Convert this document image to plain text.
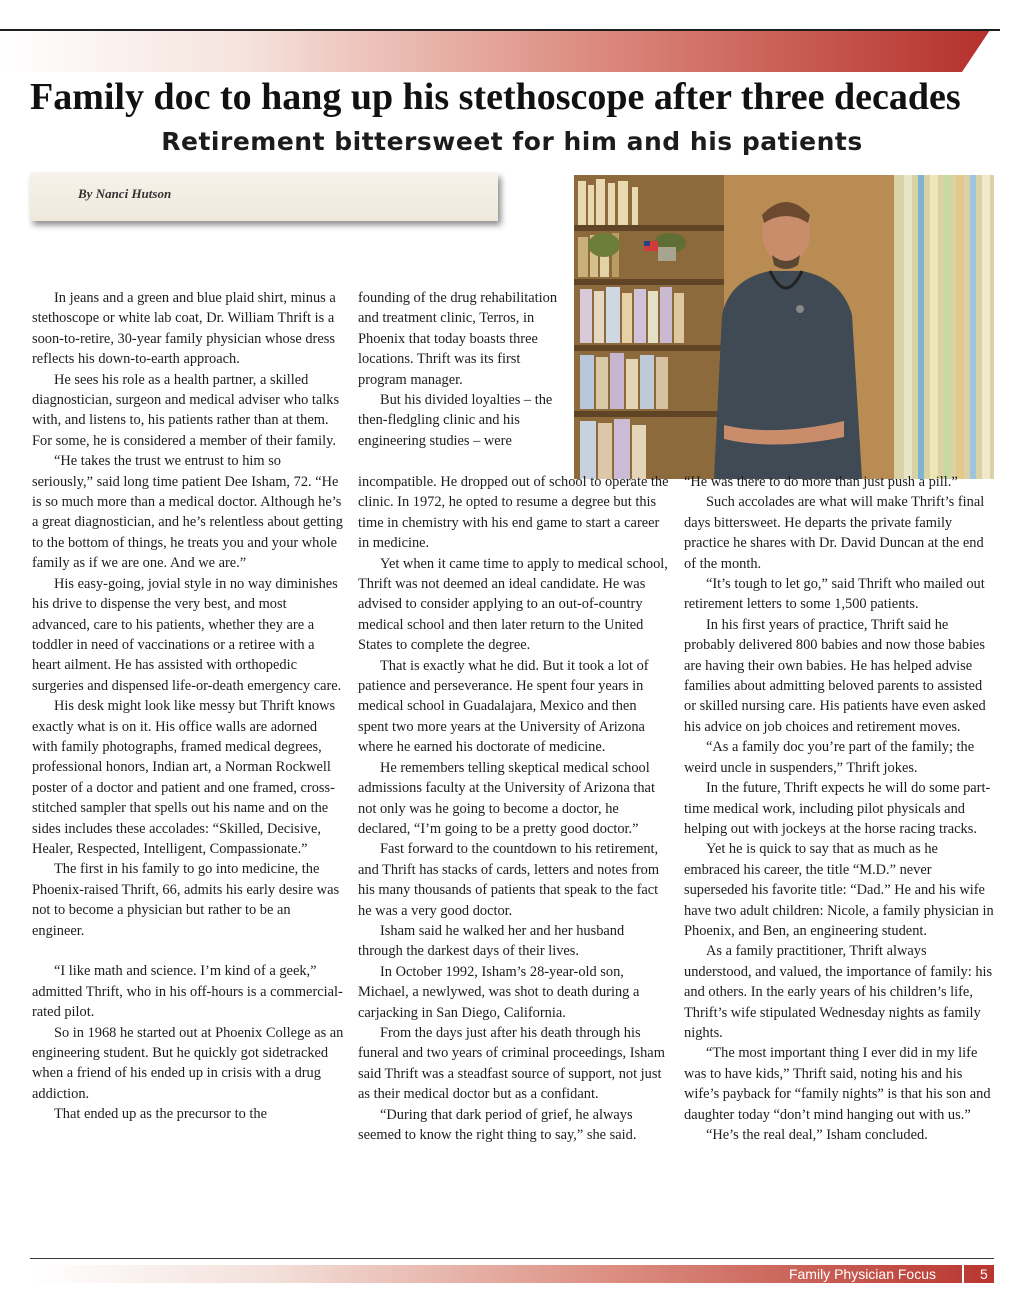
Family doc to hang up his stethoscope after three decades
Retirement bittersweet for him and his patients
By Nanci Hutson

In jeans and a green and blue plaid shirt, minus a stethoscope or white lab coat, Dr. William Thrift is a soon-to-retire, 30-year family physician whose dress reflects his down-to-earth approach.

He sees his role as a health partner, a skilled diagnostician, surgeon and medical adviser who talks with, and listens to, his patients rather than at them. For some, he is considered a member of their family.

“He takes the trust we entrust to him so seriously,” said long time patient Dee Isham, 72. “He is so much more than a medical doctor. Although he’s a great diagnostician, and he’s relentless about getting to the bottom of things, he treats you and your whole family as if we are one. And we are.”

His easy-going, jovial style in no way diminishes his drive to dispense the very best, and most advanced, care to his patients, whether they are a toddler in need of vaccinations or a retiree with a heart ailment. He has assisted with orthopedic surgeries and dispensed life-or-death emergency care.

His desk might look like messy but Thrift knows exactly what is on it. His office walls are adorned with family photographs, framed medical degrees, professional honors, Indian art, a Norman Rockwell poster of a doctor and patient and one framed, cross-stitched sampler that spells out his name and on the sides includes these accolades: “Skilled, Decisive, Healer, Respected, Intelligent, Compassionate.”

The first in his family to go into medicine, the Phoenix-raised Thrift, 66, admits his early desire was not to become a physician but rather to be an engineer.

“I like math and science. I’m kind of a geek,” admitted Thrift, who in his off-hours is a commercial-rated pilot.

So in 1968 he started out at Phoenix College as an engineering student. But he quickly got sidetracked when a friend of his ended up in crisis with a drug addiction.

That ended up as the precursor to the

founding of the drug rehabilitation and treatment clinic, Terros, in Phoenix that today boasts three locations. Thrift was its first program manager.

But his divided loyalties – the then-fledgling clinic and his engineering studies – were

incompatible. He dropped out of school to operate the clinic. In 1972, he opted to resume a degree but this time in chemistry with his end game to start a career in medicine.

Yet when it came time to apply to medical school, Thrift was not deemed an ideal candidate. He was advised to consider applying to an out-of-country medical school and then later return to the United States to complete the degree.

That is exactly what he did. But it took a lot of patience and perseverance. He spent four years in medical school in Guadalajara, Mexico and then spent two more years at the University of Arizona where he earned his doctorate of medicine.

He remembers telling skeptical medical school admissions faculty at the University of Arizona that not only was he going to become a doctor, he declared, “I’m going to be a pretty good doctor.”

Fast forward to the countdown to his retirement, and Thrift has stacks of cards, letters and notes from his many thousands of patients that speak to the fact he was a very good doctor.

Isham said he walked her and her husband through the darkest days of their lives.

In October 1992, Isham’s 28-year-old son, Michael, a newlywed, was shot to death during a carjacking in San Diego, California.

From the days just after his death through his funeral and two years of criminal proceedings, Isham said Thrift was a steadfast source of support, not just as their medical doctor but as a confidant.

“During that dark period of grief, he always seemed to know the right thing to say,” she said.

“He was there to do more than just push a pill.”

Such accolades are what will make Thrift’s final days bittersweet. He departs the private family practice he shares with Dr. David Duncan at the end of the month.

“It’s tough to let go,” said Thrift who mailed out retirement letters to some 1,500 patients.

In his first years of practice, Thrift said he probably delivered 800 babies and now those babies are having their own babies. He has helped advise families about admitting beloved parents to assisted or skilled nursing care. His patients have even asked his advice on job choices and retirement moves.

“As a family doc you’re part of the family; the weird uncle in suspenders,” Thrift jokes.

In the future, Thrift expects he will do some part-time medical work, including pilot physicals and helping out with jockeys at the horse racing tracks.

Yet he is quick to say that as much as he embraced his career, the title “M.D.” never superseded his favorite title: “Dad.” He and his wife have two adult children: Nicole, a family physician in Phoenix, and Ben, an engineering student.

As a family practitioner, Thrift always understood, and valued, the importance of family: his and others. In the early years of his children’s life, Thrift’s wife stipulated Wednesday nights as family nights.

“The most important thing I ever did in my life was to have kids,” Thrift said, noting his and his wife’s payback for “family nights” is that his son and daughter today “don’t mind hanging out with us.”

“He’s the real deal,” Isham concluded.

Family Physician Focus	5
